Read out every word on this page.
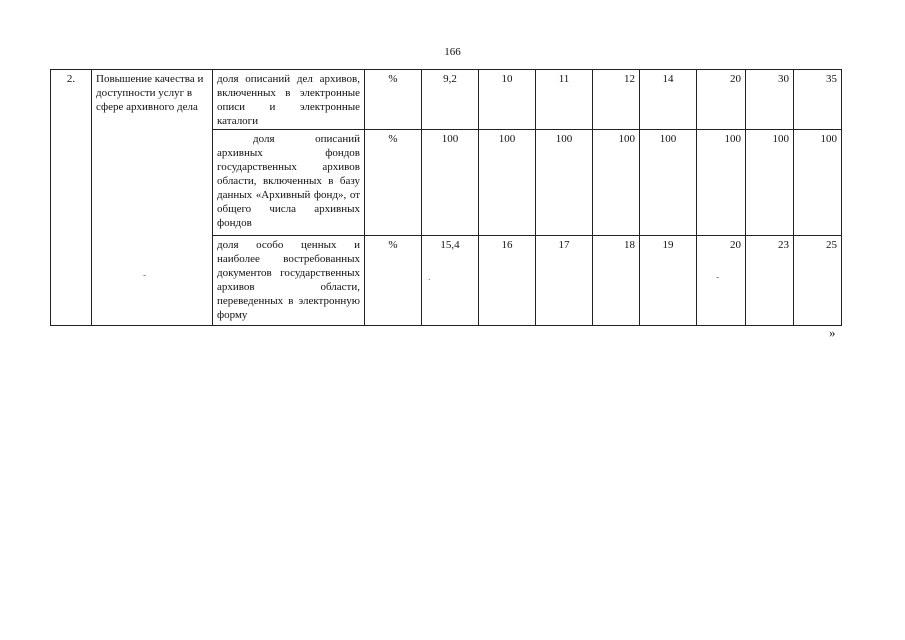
166
2.	Повышение качества и доступности услуг в сфере архивного дела	доля описаний дел архивов, включенных в электронные описи и электронные каталоги	%	9,2	10	11	12	14	20	30	35
		доля описаний архивных фондов государственных архивов области, включенных в базу данных «Архивный фонд», от общего числа архивных фондов	%	100	100	100	100	100	100	100	100
		доля особо ценных и наиболее востребованных документов государственных архивов области, переведенных в электронную форму	%	15,4	16	17	18	19	20	23	25
»
-	.	-
